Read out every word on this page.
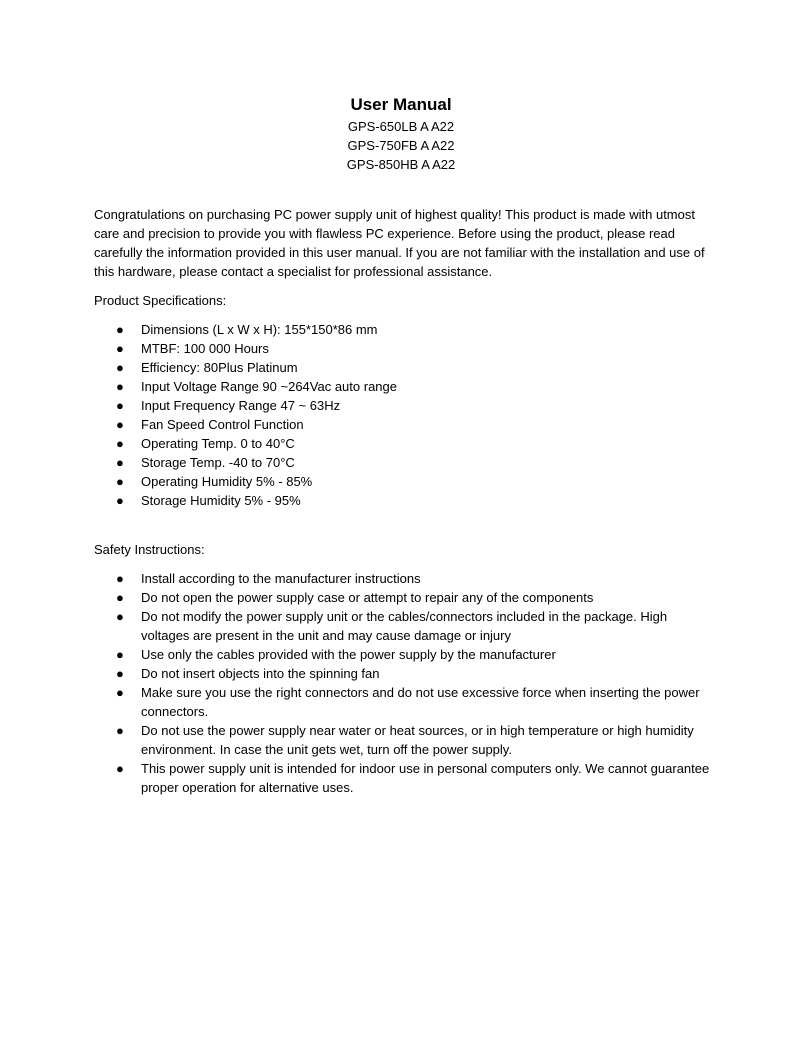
User Manual
GPS-650LB A A22
GPS-750FB A A22
GPS-850HB A A22

Congratulations on purchasing PC power supply unit of highest quality! This product is made with utmost care and precision to provide you with flawless PC experience. Before using the product, please read carefully the information provided in this user manual. If you are not familiar with the installation and use of this hardware, please contact a specialist for professional assistance.

Product Specifications:

● Dimensions (L x W x H): 155*150*86 mm
● MTBF: 100 000 Hours
● Efficiency: 80Plus Platinum
● Input Voltage Range 90 ~264Vac auto range
● Input Frequency Range 47 ~ 63Hz
● Fan Speed Control Function
● Operating Temp. 0 to 40°C
● Storage Temp. -40 to 70°C
● Operating Humidity 5% - 85%
● Storage Humidity 5% - 95%

Safety Instructions:

● Install according to the manufacturer instructions
● Do not open the power supply case or attempt to repair any of the components
● Do not modify the power supply unit or the cables/connectors included in the package. High voltages are present in the unit and may cause damage or injury
● Use only the cables provided with the power supply by the manufacturer
● Do not insert objects into the spinning fan
● Make sure you use the right connectors and do not use excessive force when inserting the power connectors.
● Do not use the power supply near water or heat sources, or in high temperature or high humidity environment. In case the unit gets wet, turn off the power supply.
● This power supply unit is intended for indoor use in personal computers only. We cannot guarantee proper operation for alternative uses.
